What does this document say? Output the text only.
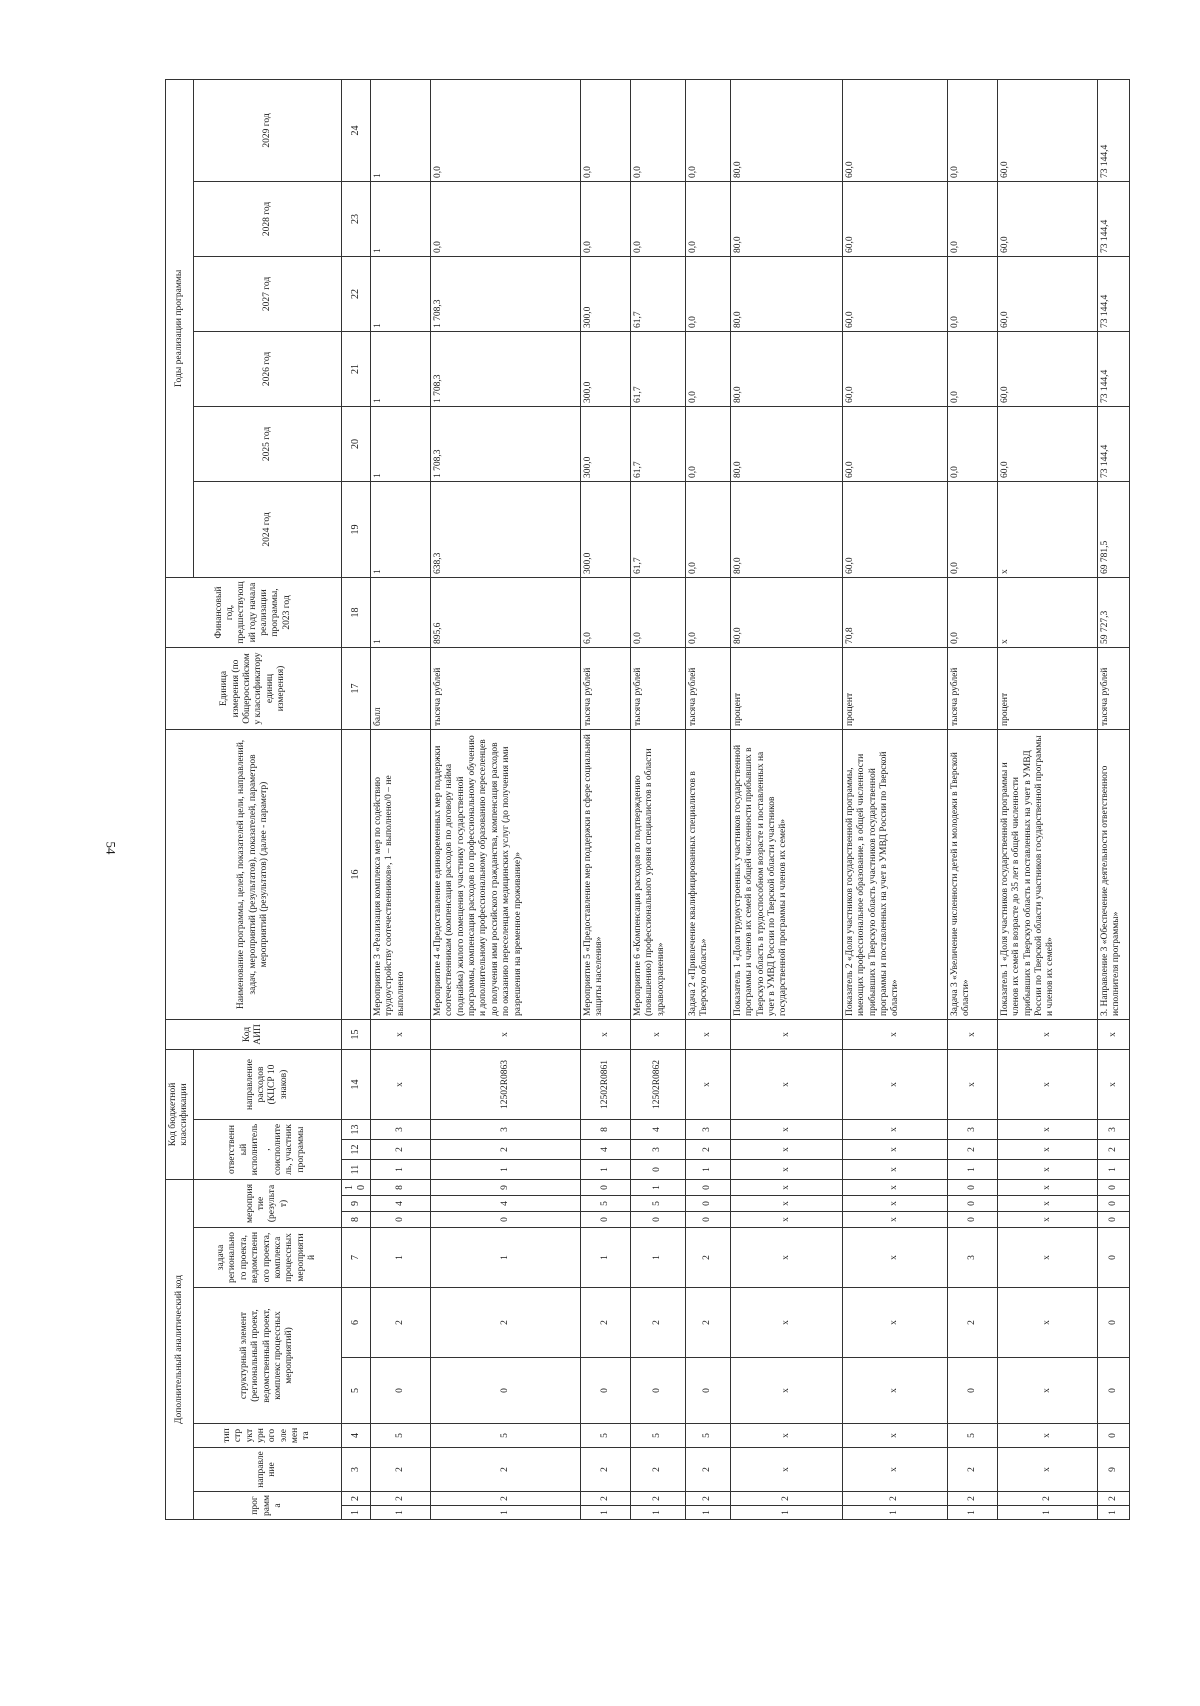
54
Дополнительный аналитический код										Код бюджетной классификации				Код АИП	Наименование программы, целей, показателей цели, направлений, задач, мероприятий (результатов), показателей, параметров мероприятий (результатов) (далее - параметр)	Единица измерения (по Общероссийскому классификатору единиц измерения)	Финансовый год, предшествующий году начала реализации программы, 2023 год	Годы реализации программы					
программа		направление	тип структурного элемента	структурный элемент (региональный проект, ведомственный проект, комплекс процессных мероприятий)		задача регионального проекта, ведомственного проекта, комплекса процессных мероприятий	мероприятие (результат)			ответственный исполнитель, соисполнитель, участник программы			направление расходов (КЦСР 10 знаков)					2024 год	2025 год	2026 год	2027 год	2028 год	2029 год

1	2	3	4	5	6	7	8	9	10	11	12	13	14	15	16	17	18	19	20	21	22	23	24
1	2	2	5	0	2	1	0	4	8	1	2	3	х	х	Мероприятие 3 «Реализация комплекса мер по содействию трудоустройству соотечественников», 1 – выполнено/0 – не выполнено	балл	1	1	1	1	1	1	1
1	2	2	5	0	2	1	0	4	9	1	2	3	12502R0863	х	Мероприятие 4 «Предоставление единовременных мер поддержки соотечественникам (компенсация расходов по договору найма (поднайма) жилого помещения участнику государственной программы, компенсация расходов по профессиональному обучению и дополнительному профессиональному образованию переселенцев до получения ими российского гражданства, компенсация расходов по оказанию переселенцам медицинских услуг (до получения ими разрешения на временное проживание)»	тысяча рублей	895,6	638,3	1 708,3	1 708,3	1 708,3	0,0	0,0
1	2	2	5	0	2	1	0	5	0	1	4	8	12502R0861	х	Мероприятие 5 «Предоставление мер поддержки в сфере социальной защиты населения»	тысяча рублей	6,0	300,0	300,0	300,0	300,0	0,0	0,0
1	2	2	5	0	2	1	0	5	1	0	3	4	12502R0862	х	Мероприятие 6 «Компенсация расходов по подтверждению (повышению) профессионального уровня специалистов в области здравоохранения»	тысяча рублей	0,0	61,7	61,7	61,7	61,7	0,0	0,0
1	2	2	5	0	2	2	0	0	0	1	2	3	х	х	Задача 2 «Привлечение квалифицированных специалистов в Тверскую область»	тысяча рублей	0,0	0,0	0,0	0,0	0,0	0,0	0,0
1	2	х	х	х	х	х	х	х	х	х	х	х	х	х	Показатель 1 «Доля трудоустроенных участников государственной программы и членов их семей в общей численности прибывших в Тверскую область в трудоспособном возрасте и поставленных на учет в УМВД России по Тверской области участников государственной программы и членов их семей»	процент	80,0	80,0	80,0	80,0	80,0	80,0	80,0
1	2	х	х	х	х	х	х	х	х	х	х	х	х	х	Показатель 2 «Доля участников государственной программы, имеющих профессиональное образование, в общей численности прибывших в Тверскую область участников государственной программы и поставленных на учет в УМВД России по Тверской области»	процент	70,8	60,0	60,0	60,0	60,0	60,0	60,0
1	2	2	5	0	2	3	0	0	0	1	2	3	х	х	Задача 3 «Увеличение численности детей и молодежи в Тверской области»	тысяча рублей	0,0	0,0	0,0	0,0	0,0	0,0	0,0
1	2	х	х	х	х	х	х	х	х	х	х	х	х	х	Показатель 1 «Доля участников государственной программы и членов их семей в возрасте до 35 лет в общей численности прибывших в Тверскую область и поставленных на учет в УМВД России по Тверской области участников государственной программы и членов их семей»	процент	х	х	60,0	60,0	60,0	60,0	60,0
1	2	9	0	0	0	0	0	0	0	1	2	3	х	х	3. Направление 3 «Обеспечение деятельности ответственного исполнителя программы»	тысяча рублей	59 727,3	69 781,5	73 144,4	73 144,4	73 144,4	73 144,4	73 144,4
